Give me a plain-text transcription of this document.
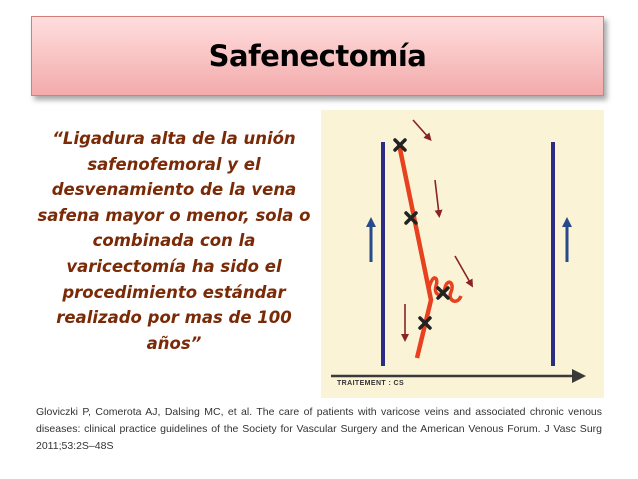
Safenectomía
“Ligadura alta de la unión safenofemoral y el desvenamiento de la vena safena mayor o menor, sola o combinada con la varicectomía ha sido el procedimiento estándar realizado por mas de 100 años”
TRAITEMENT : CS
Gloviczki P, Comerota AJ, Dalsing MC, et al. The care of patients with varicose veins and associated chronic venous diseases: clinical practice guidelines of the Society for Vascular Surgery and the American Venous Forum. J Vasc Surg 2011;53:2S–48S
